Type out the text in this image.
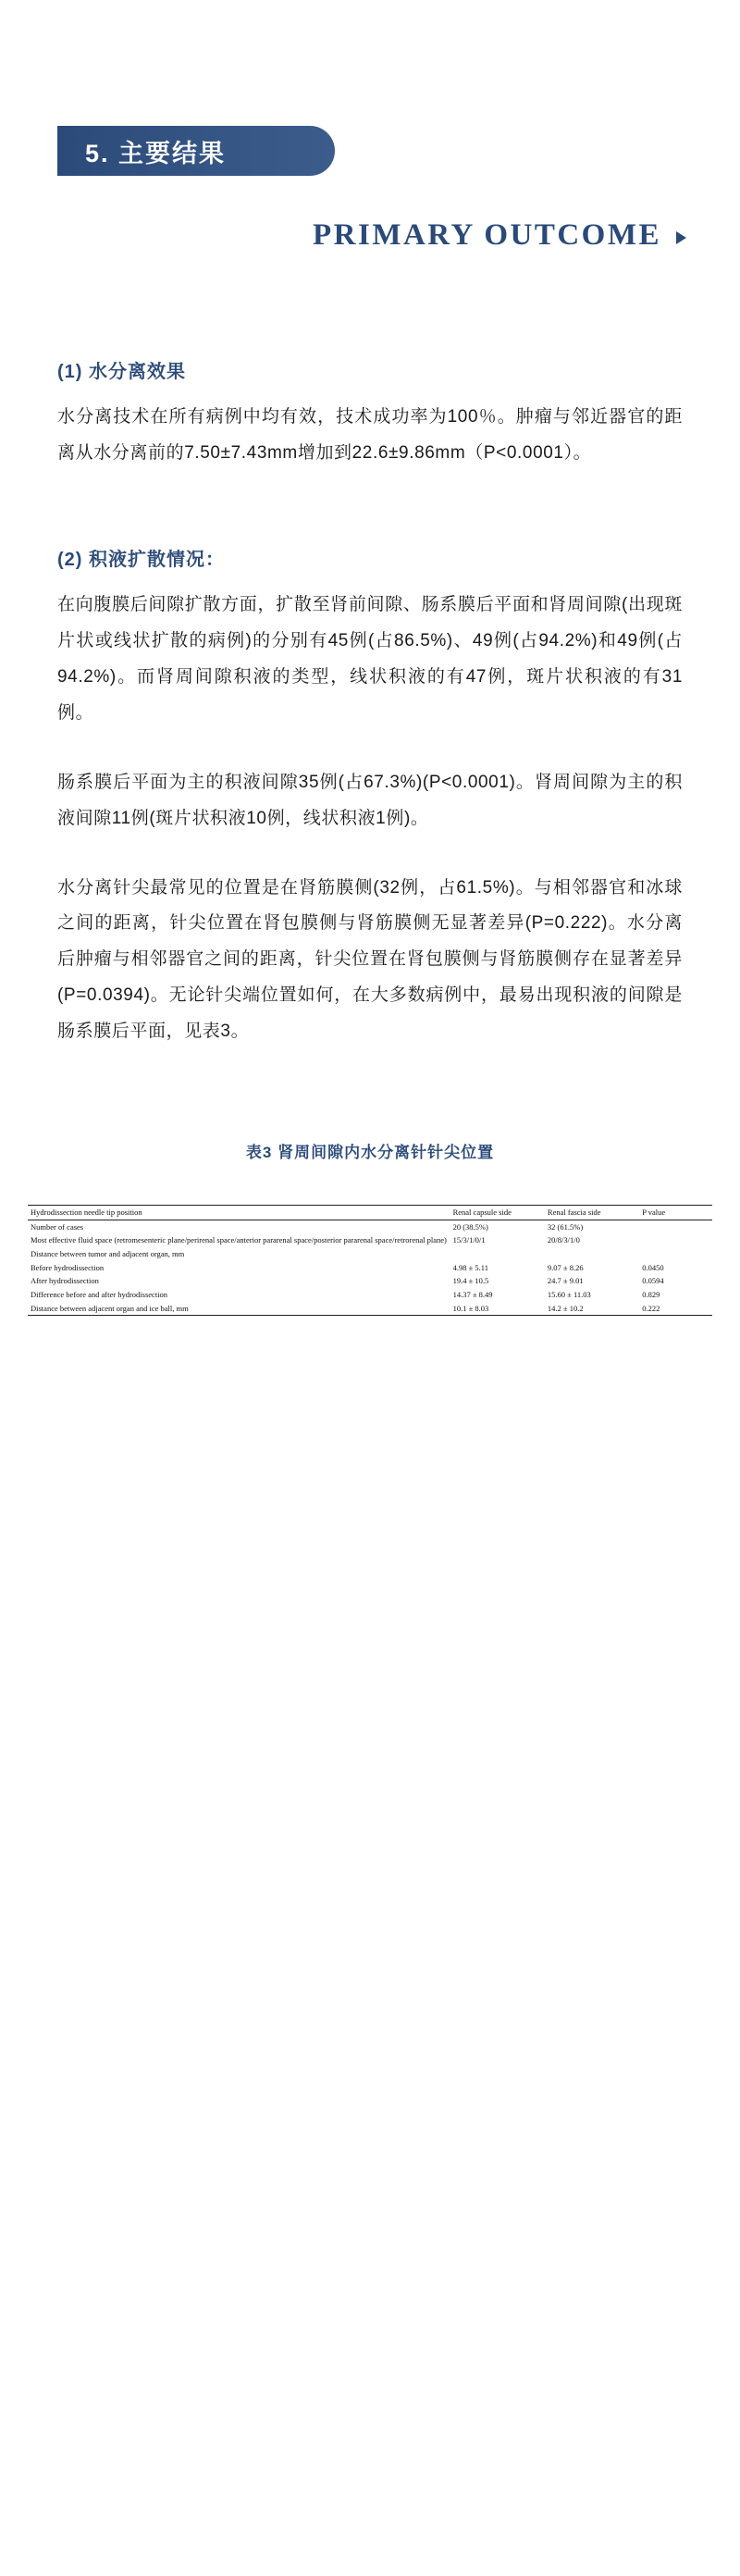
5. 主要结果
PRIMARY OUTCOME
(1) 水分离效果

水分离技术在所有病例中均有效，技术成功率为100％。肿瘤与邻近器官的距离从水分离前的7.50±7.43mm增加到22.6±9.86mm（P<0.0001）。

(2) 积液扩散情况：

在向腹膜后间隙扩散方面，扩散至肾前间隙、肠系膜后平面和肾周间隙(出现斑片状或线状扩散的病例)的分别有45例(占86.5%)、49例(占94.2%)和49例(占94.2%)。而肾周间隙积液的类型，线状积液的有47例，斑片状积液的有31例。

肠系膜后平面为主的积液间隙35例(占67.3%)(P<0.0001)。肾周间隙为主的积液间隙11例(斑片状积液10例，线状积液1例)。

水分离针尖最常见的位置是在肾筋膜侧(32例，占61.5%)。与相邻器官和冰球之间的距离，针尖位置在肾包膜侧与肾筋膜侧无显著差异(P=0.222)。水分离后肿瘤与相邻器官之间的距离，针尖位置在肾包膜侧与肾筋膜侧存在显著差异(P=0.0394)。无论针尖端位置如何，在大多数病例中，最易出现积液的间隙是肠系膜后平面，见表3。

表3 肾周间隙内水分离针针尖位置
Hydrodissection needle tip position	Renal capsule side	Renal fascia side	P value
Number of cases	20 (38.5%)	32 (61.5%)	
Most effective fluid space (retromesenteric plane/perirenal space/anterior pararenal space/posterior pararenal space/retrorenal plane)	15/3/1/0/1	20/8/3/1/0	
Distance between tumor and adjacent organ, mm			
Before hydrodissection	4.98 ± 5.11	9.07 ± 8.26	0.0450
After hydrodissection	19.4 ± 10.5	24.7 ± 9.01	0.0594
Difference before and after hydrodissection	14.37 ± 8.49	15.60 ± 11.03	0.829
Distance between adjacent organ and ice ball, mm	10.1 ± 8.03	14.2 ± 10.2	0.222
